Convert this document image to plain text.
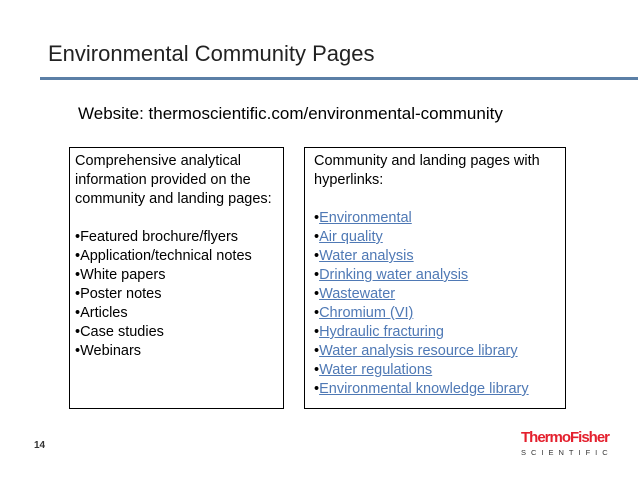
Environmental Community Pages
Website: thermoscientific.com/environmental-community

Comprehensive analytical information provided on the community and landing pages:

•Featured brochure/flyers
•Application/technical notes
•White papers
•Poster notes
•Articles
•Case studies
•Webinars

Community and landing pages with hyperlinks:

•Environmental
•Air quality
•Water analysis
•Drinking water analysis
•Wastewater
•Chromium (VI)
•Hydraulic fracturing
•Water analysis resource library
•Water regulations
•Environmental knowledge library
14	ThermoFisher
SCIENTIFIC
